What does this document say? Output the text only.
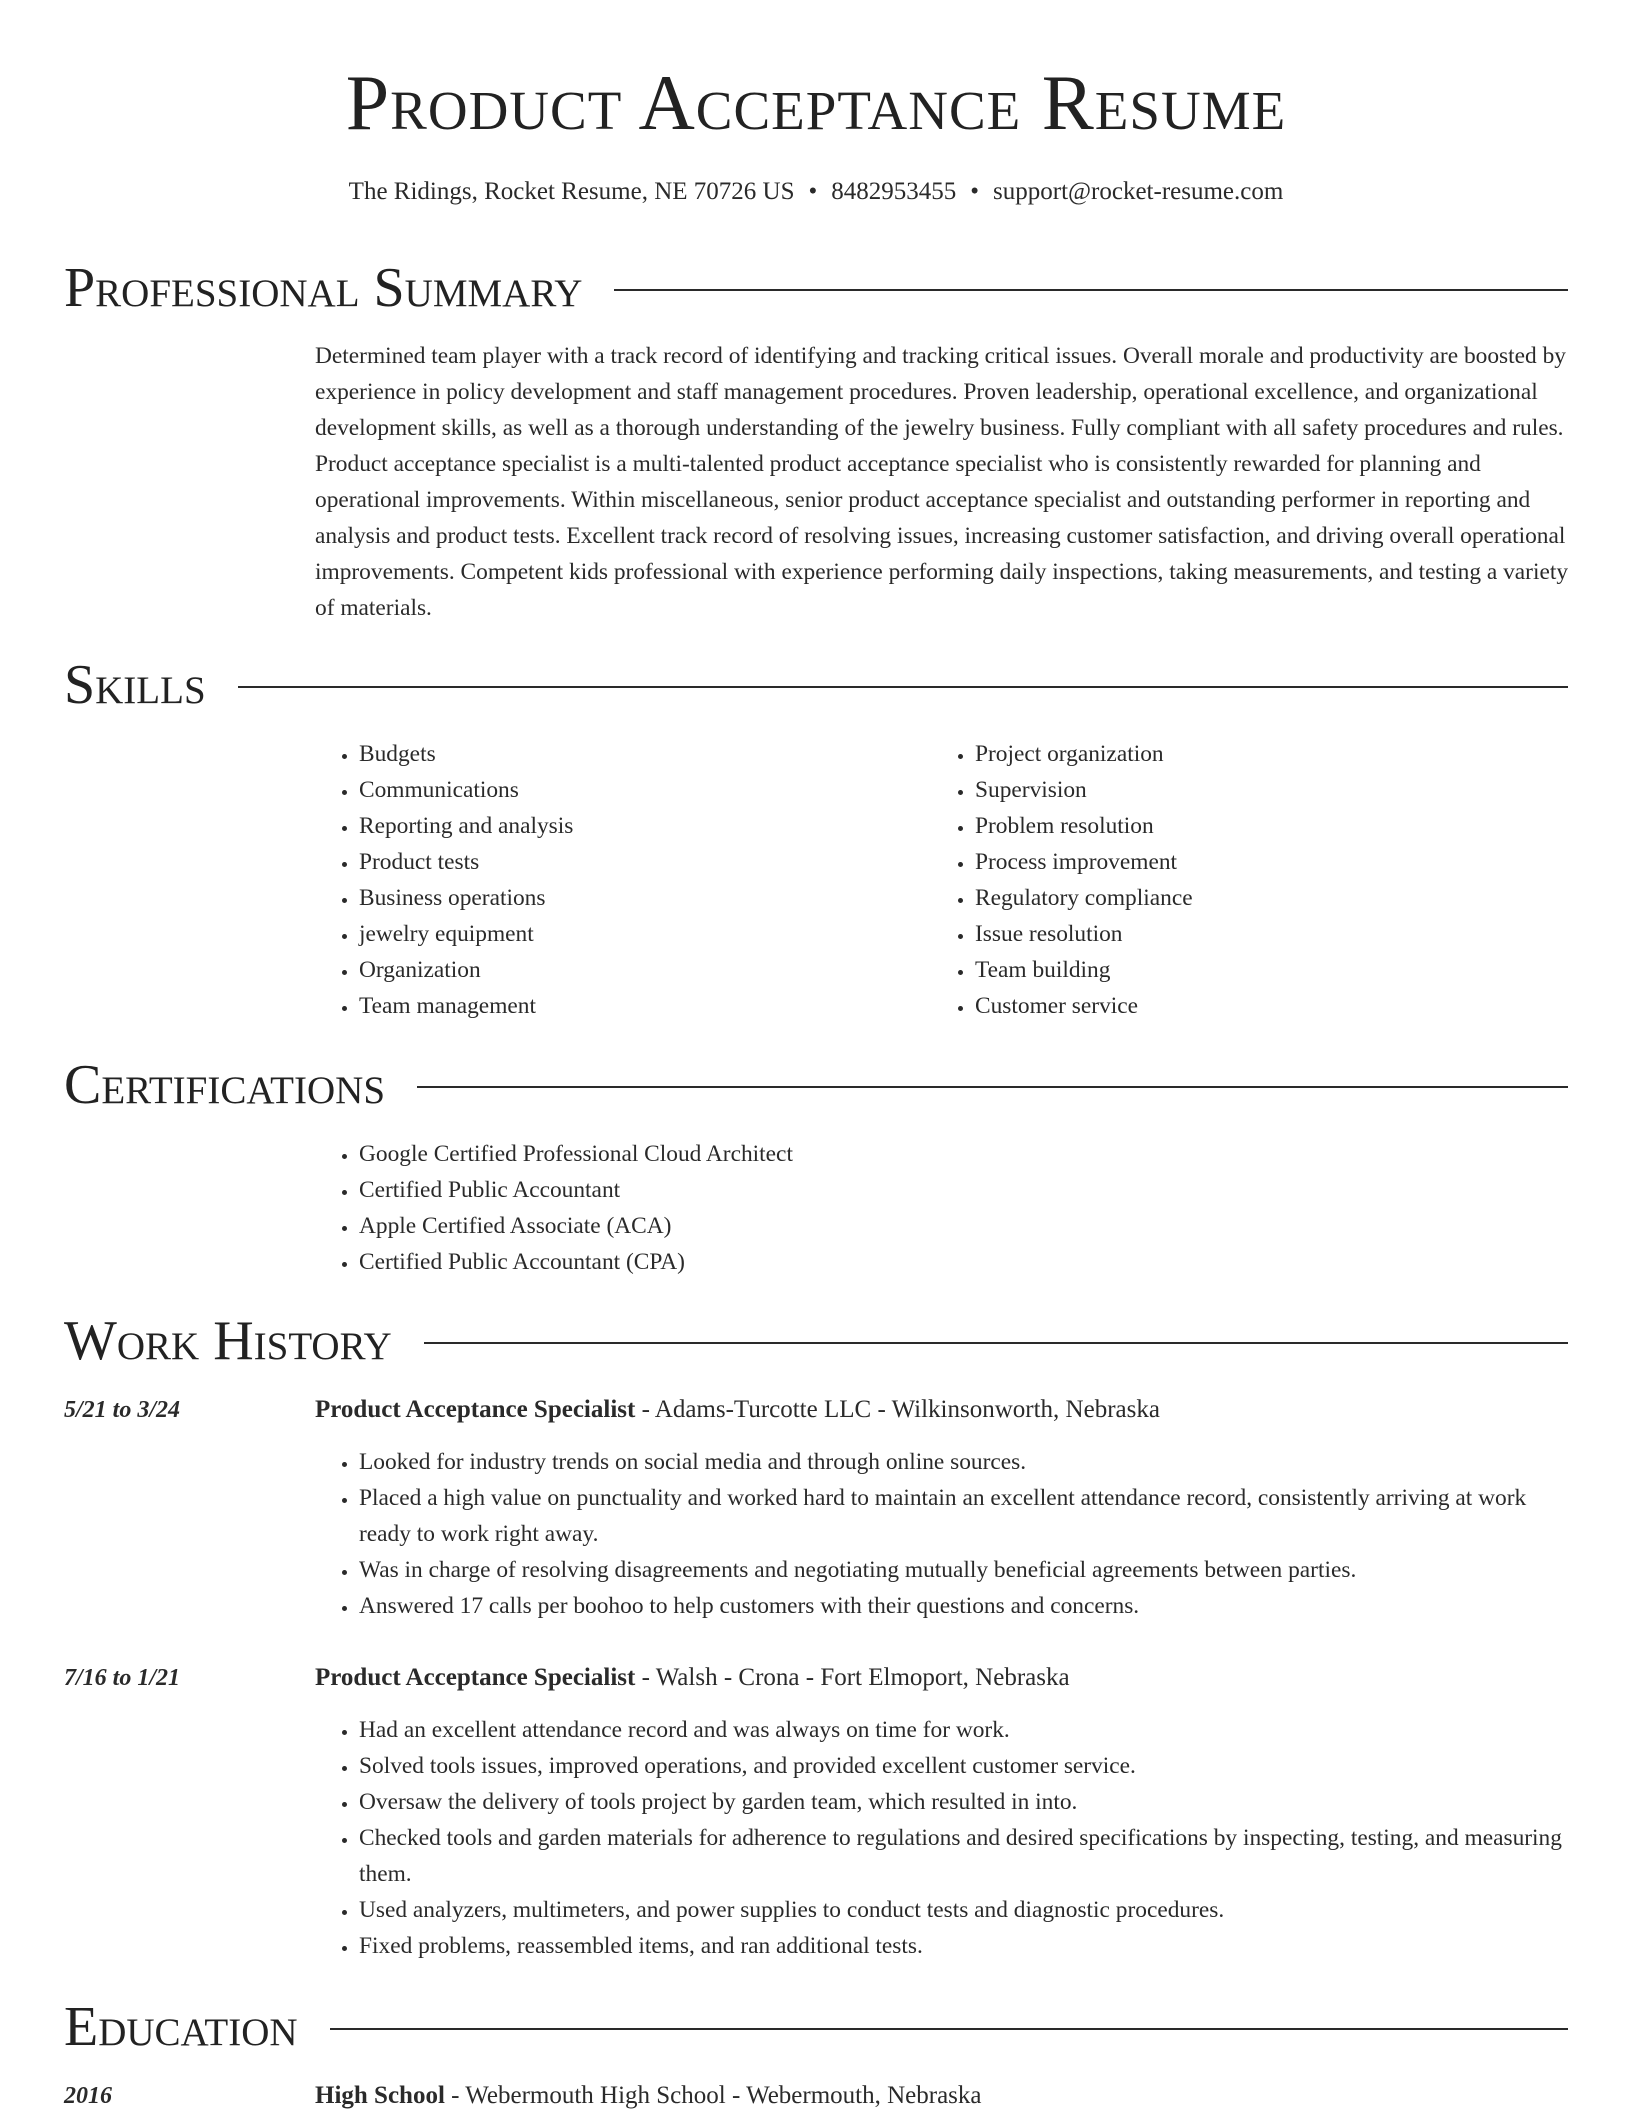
Product Acceptance Resume
The Ridings, Rocket Resume, NE 70726 US • 8482953455 • support@rocket-resume.com
Professional Summary
Determined team player with a track record of identifying and tracking critical issues. Overall morale and productivity are boosted by experience in policy development and staff management procedures. Proven leadership, operational excellence, and organizational development skills, as well as a thorough understanding of the jewelry business. Fully compliant with all safety procedures and rules. Product acceptance specialist is a multi-talented product acceptance specialist who is consistently rewarded for planning and operational improvements. Within miscellaneous, senior product acceptance specialist and outstanding performer in reporting and analysis and product tests. Excellent track record of resolving issues, increasing customer satisfaction, and driving overall operational improvements. Competent kids professional with experience performing daily inspections, taking measurements, and testing a variety of materials.
Skills
• Budgets
• Communications
• Reporting and analysis
• Product tests
• Business operations
• jewelry equipment
• Organization
• Team management
• Project organization
• Supervision
• Problem resolution
• Process improvement
• Regulatory compliance
• Issue resolution
• Team building
• Customer service
Certifications
• Google Certified Professional Cloud Architect
• Certified Public Accountant
• Apple Certified Associate (ACA)
• Certified Public Accountant (CPA)
Work History
5/21 to 3/24	Product Acceptance Specialist - Adams-Turcotte LLC - Wilkinsonworth, Nebraska
• Looked for industry trends on social media and through online sources.
• Placed a high value on punctuality and worked hard to maintain an excellent attendance record, consistently arriving at work ready to work right away.
• Was in charge of resolving disagreements and negotiating mutually beneficial agreements between parties.
• Answered 17 calls per boohoo to help customers with their questions and concerns.
7/16 to 1/21	Product Acceptance Specialist - Walsh - Crona - Fort Elmoport, Nebraska
• Had an excellent attendance record and was always on time for work.
• Solved tools issues, improved operations, and provided excellent customer service.
• Oversaw the delivery of tools project by garden team, which resulted in into.
• Checked tools and garden materials for adherence to regulations and desired specifications by inspecting, testing, and measuring them.
• Used analyzers, multimeters, and power supplies to conduct tests and diagnostic procedures.
• Fixed problems, reassembled items, and ran additional tests.
Education
2016	High School - Webermouth High School - Webermouth, Nebraska
